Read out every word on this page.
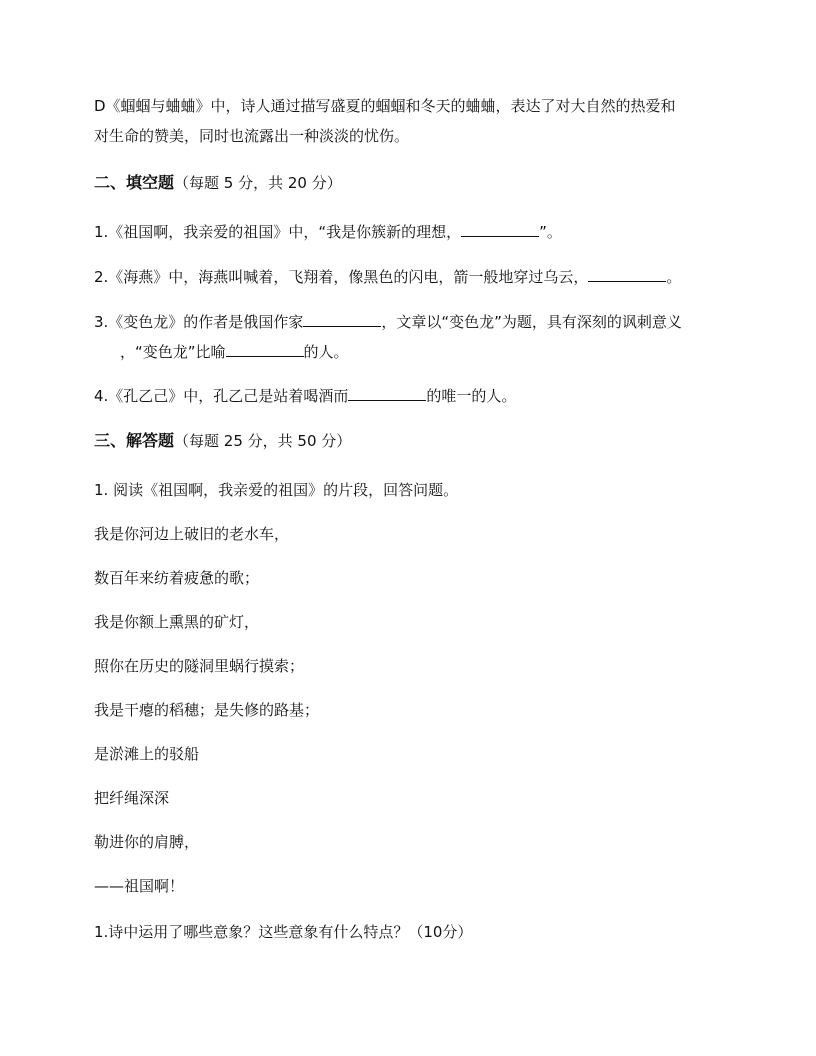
D《蝈蝈与蛐蛐》中，诗人通过描写盛夏的蝈蝈和冬天的蛐蛐，表达了对大自然的热爱和
对生命的赞美，同时也流露出一种淡淡的忧伤。
二、填空题（每题 5 分，共 20 分）
1.《祖国啊，我亲爱的祖国》中，“我是你簇新的理想，	”。
2.《海燕》中，海燕叫喊着，飞翔着，像黑色的闪电，箭一般地穿过乌云，	。
3.《变色龙》的作者是俄国作家	，文章以“变色龙”为题，具有深刻的讽刺意义
，“变色龙”比喻	的人。
4.《孔乙己》中，孔乙己是站着喝酒而	的唯一的人。
三、解答题（每题 25 分，共 50 分）
1. 阅读《祖国啊，我亲爱的祖国》的片段，回答问题。
我是你河边上破旧的老水车，
数百年来纺着疲惫的歌；
我是你额上熏黑的矿灯，
照你在历史的隧洞里蜗行摸索；
我是干瘪的稻穗；是失修的路基；
是淤滩上的驳船
把纤绳深深
勒进你的肩膊，
——祖国啊！
1.诗中运用了哪些意象？这些意象有什么特点？（10分）
